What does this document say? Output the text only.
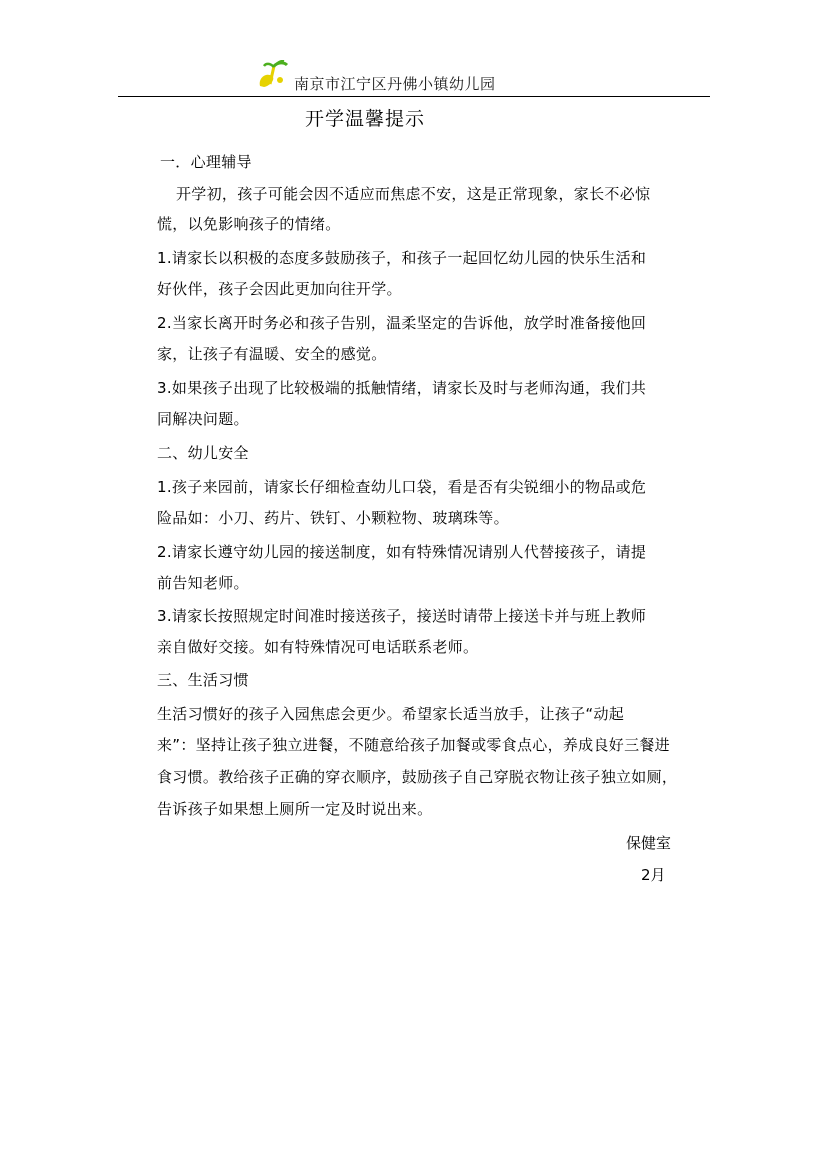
南京市江宁区丹佛小镇幼儿园
开学温馨提示
一．心理辅导
开学初，孩子可能会因不适应而焦虑不安，这是正常现象，家长不必惊
慌，以免影响孩子的情绪。
1.请家长以积极的态度多鼓励孩子，和孩子一起回忆幼儿园的快乐生活和
好伙伴，孩子会因此更加向往开学。
2.当家长离开时务必和孩子告别，温柔坚定的告诉他，放学时准备接他回
家，让孩子有温暖、安全的感觉。
3.如果孩子出现了比较极端的抵触情绪，请家长及时与老师沟通，我们共
同解决问题。
二、幼儿安全
1.孩子来园前，请家长仔细检查幼儿口袋，看是否有尖锐细小的物品或危
险品如：小刀、药片、铁钉、小颗粒物、玻璃珠等。
2.请家长遵守幼儿园的接送制度，如有特殊情况请别人代替接孩子，请提
前告知老师。
3.请家长按照规定时间准时接送孩子，接送时请带上接送卡并与班上教师
亲自做好交接。如有特殊情况可电话联系老师。
三、生活习惯
生活习惯好的孩子入园焦虑会更少。希望家长适当放手，让孩子“动起
来”：坚持让孩子独立进餐，不随意给孩子加餐或零食点心，养成良好三餐进
食习惯。教给孩子正确的穿衣顺序，鼓励孩子自己穿脱衣物让孩子独立如厕，
告诉孩子如果想上厕所一定及时说出来。
保健室
2月
